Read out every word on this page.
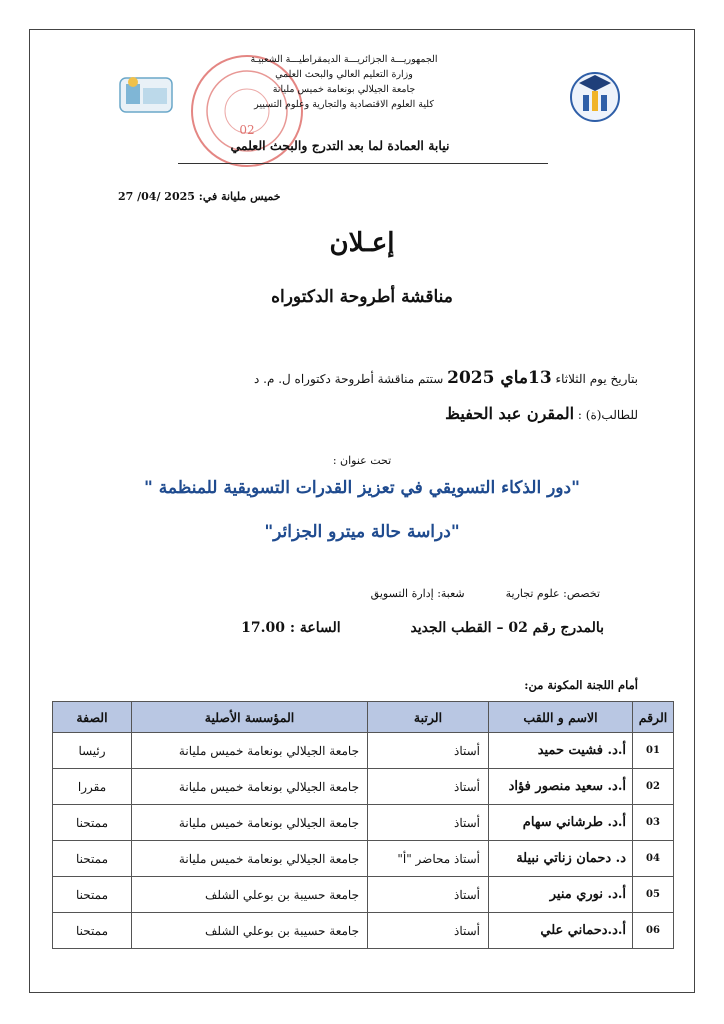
02
الجمهوريـــة الجزائريـــة الديمقراطيـــة الشعبيـة
وزارة التعليم العالي والبحث العلمي
جامعة الجيلالي بونعامة خميس مليانة
كلية العلوم الاقتصادية والتجارية وعلوم التسيير
نيابة العمادة لما بعد التدرج والبحث العلمي
خميس مليانة في: 27 /04/ 2025
إعـلان
مناقشة أطروحة الدكتوراه
بتاريخ يوم الثلاثاء 13ماي 2025 ستتم مناقشة أطروحة دكتوراه ل. م. د
للطالب(ة) : المقرن عبد الحفيظ
تحت عنوان :
"دور الذكاء التسويقي في تعزيز القدرات التسويقية للمنظمة "
"دراسة حالة ميترو الجزائر"
تخصص: علوم تجارية  شعبة: إدارة التسويق
بالمدرج رقم 02 – القطب الجديد  الساعة : 17.00
أمام اللجنة المكونة من:
الرقم	الاسم و اللقب	الرتبة	المؤسسة الأصلية	الصفة
01	أ.د. فشيت حميد	أستاذ	جامعة الجيلالي بونعامة خميس مليانة	رئيسا
02	أ.د. سعيد منصور فؤاد	أستاذ	جامعة الجيلالي بونعامة خميس مليانة	مقررا
03	أ.د. طرشاني سهام	أستاذ	جامعة الجيلالي بونعامة خميس مليانة	ممتحنا
04	د. دحمان زناتي نبيلة	أستاذ محاضر "أ"	جامعة الجيلالي بونعامة خميس مليانة	ممتحنا
05	أ.د. نوري منير	أستاذ	جامعة حسيبة بن بوعلي الشلف	ممتحنا
06	أ.د.دحماني علي	أستاذ	جامعة حسيبة بن بوعلي الشلف	ممتحنا
